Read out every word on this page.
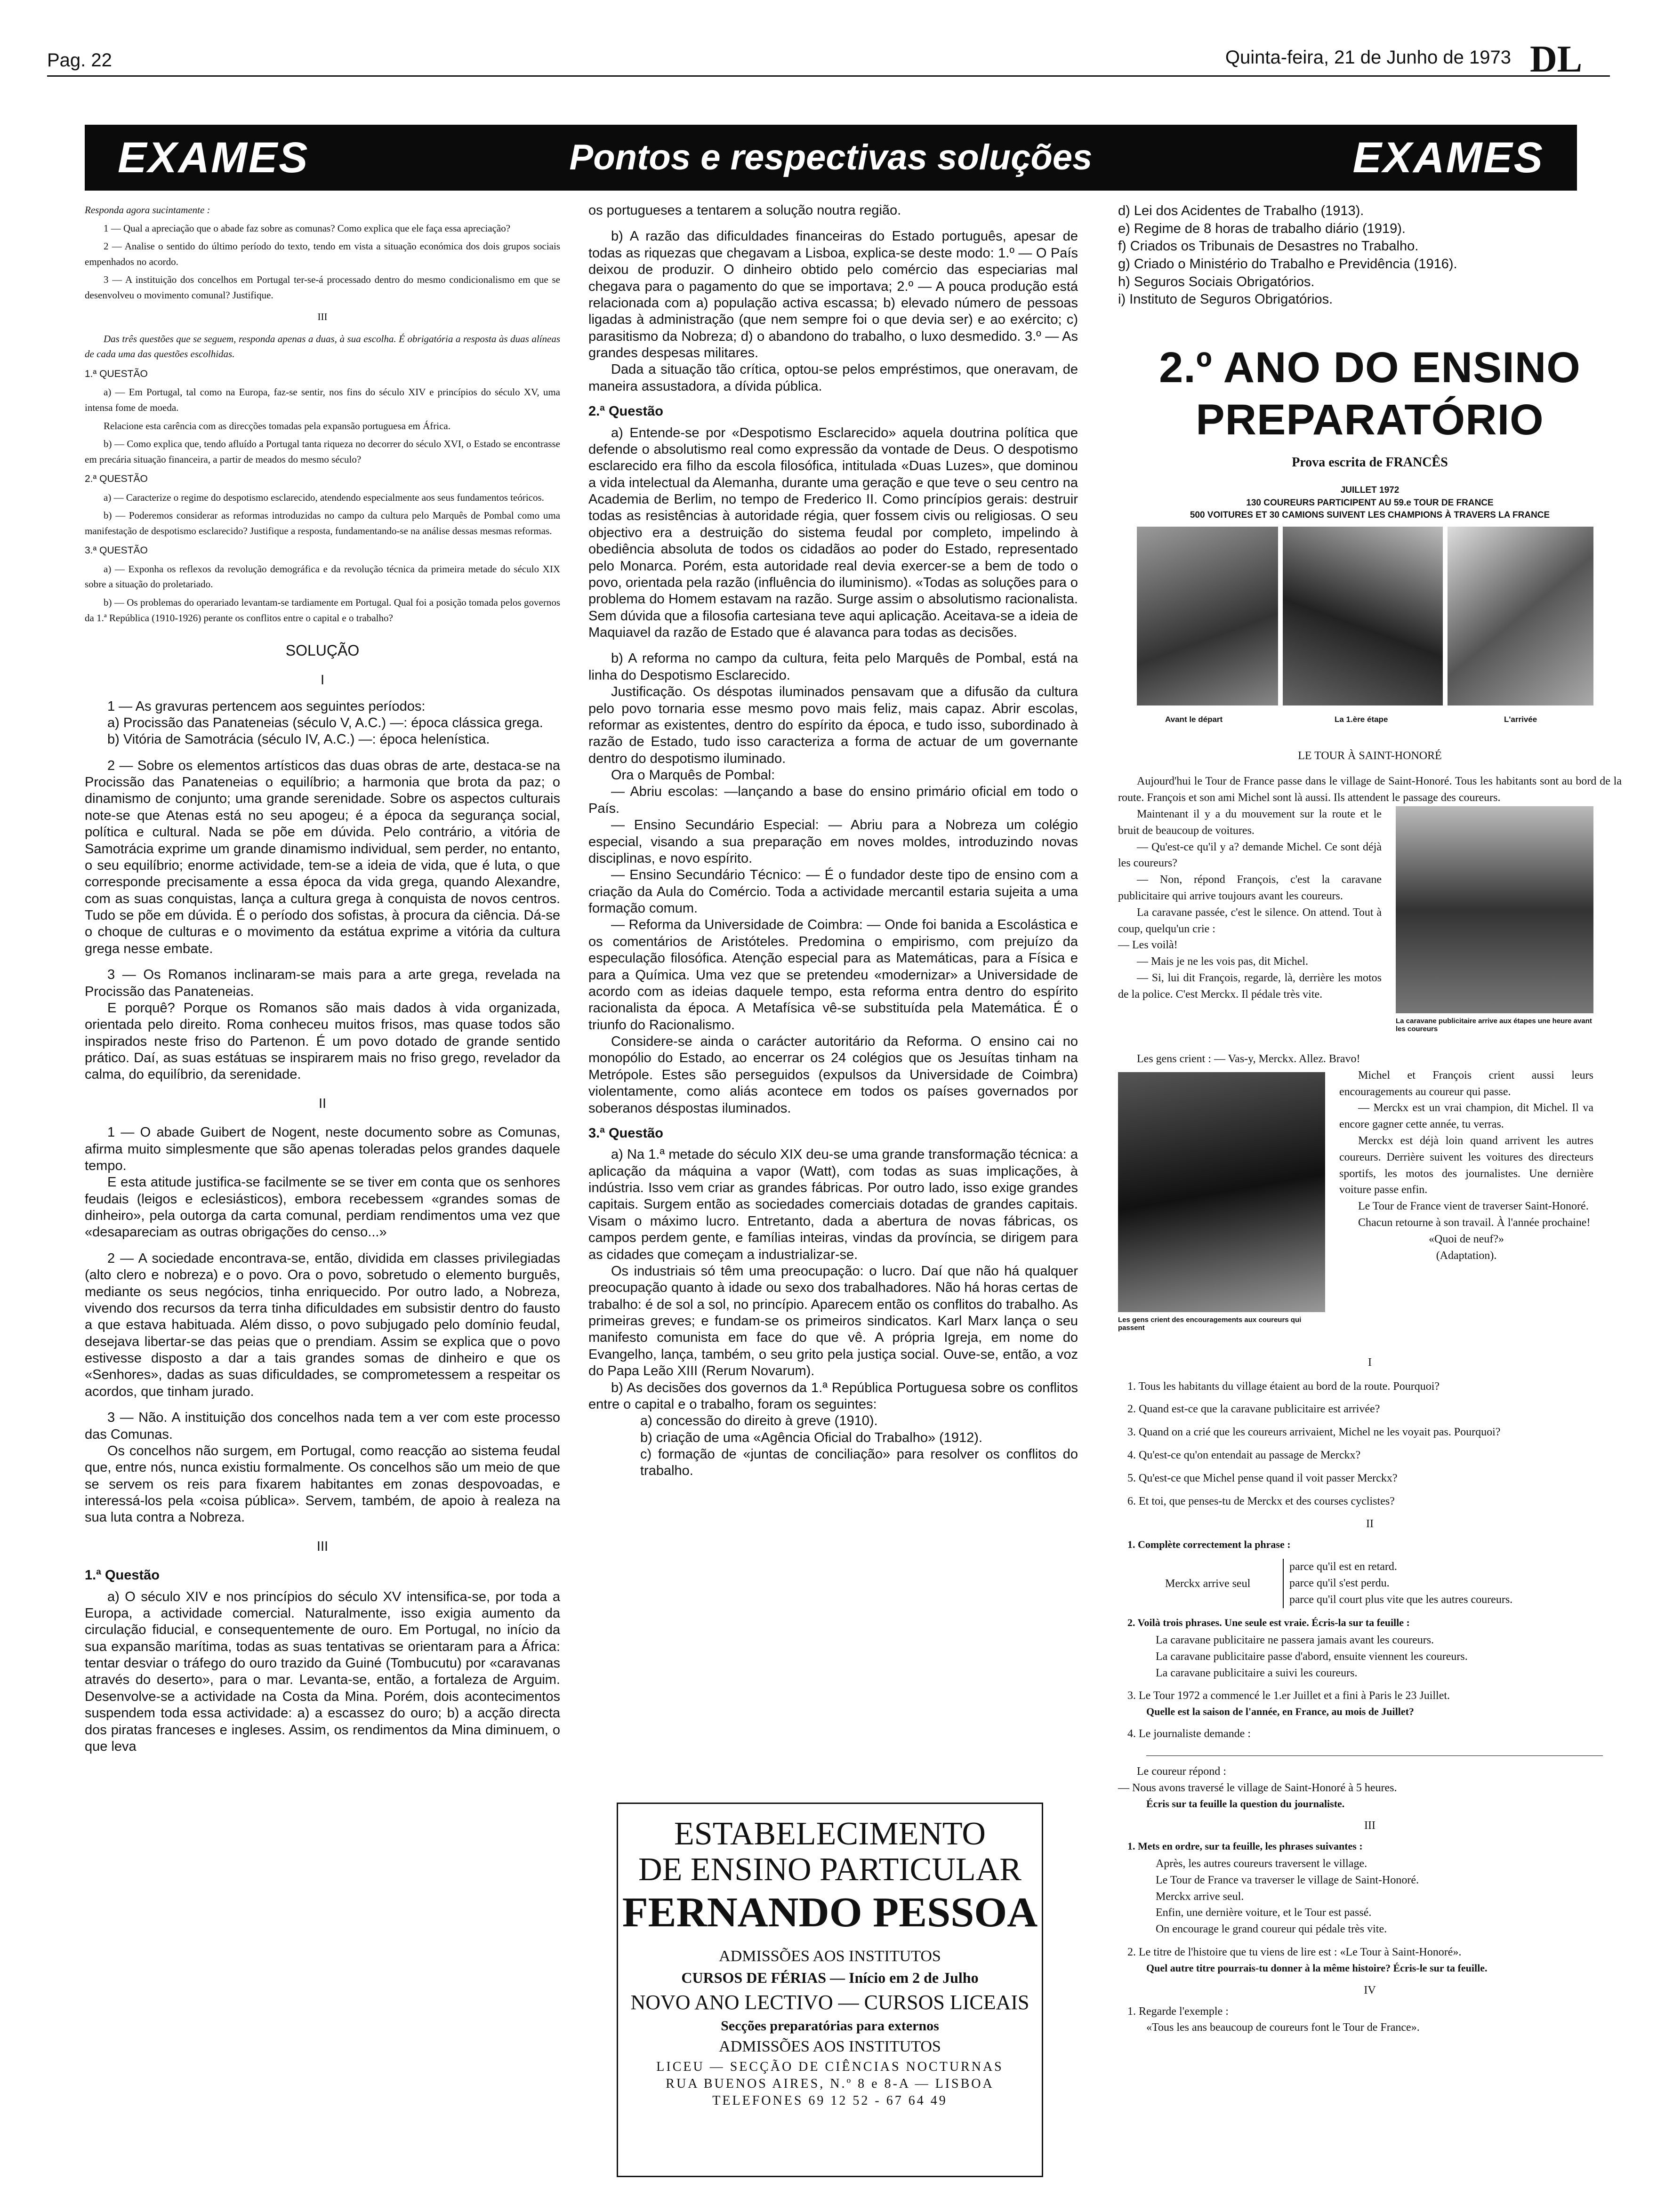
Pag. 22	Quinta-feira, 21 de Junho de 1973 DL
EXAMES	Pontos e respectivas soluções	EXAMES

Responda agora sucintamente :

1 — Qual a apreciação que o abade faz sobre as comunas? Como explica que ele faça essa apreciação?

2 — Analise o sentido do último período do texto, tendo em vista a situação económica dos dois grupos sociais empenhados no acordo.

3 — A instituição dos concelhos em Portugal ter-se-á processado dentro do mesmo condicionalismo em que se desenvolveu o movimento comunal? Justifique.

III

Das três questões que se seguem, responda apenas a duas, à sua escolha. É obrigatória a resposta às duas alíneas de cada uma das questões escolhidas.

1.ª QUESTÃO

a) — Em Portugal, tal como na Europa, faz-se sentir, nos fins do século XIV e princípios do século XV, uma intensa fome de moeda.

Relacione esta carência com as direcções tomadas pela expansão portuguesa em África.

b) — Como explica que, tendo afluído a Portugal tanta riqueza no decorrer do século XVI, o Estado se encontrasse em precária situação financeira, a partir de meados do mesmo século?

2.ª QUESTÃO

a) — Caracterize o regime do despotismo esclarecido, atendendo especialmente aos seus fundamentos teóricos.

b) — Poderemos considerar as reformas introduzidas no campo da cultura pelo Marquês de Pombal como uma manifestação de despotismo esclarecido? Justifique a resposta, fundamentando-se na análise dessas mesmas reformas.

3.ª QUESTÃO

a) — Exponha os reflexos da revolução demográfica e da revolução técnica da primeira metade do século XIX sobre a situação do proletariado.

b) — Os problemas do operariado levantam-se tardiamente em Portugal. Qual foi a posição tomada pelos governos da 1.ª República (1910-1926) perante os conflitos entre o capital e o trabalho?

SOLUÇÃO

I

1 — As gravuras pertencem aos seguintes períodos:

a) Procissão das Panateneias (século V, A.C.) —: época clássica grega.

b) Vitória de Samotrácia (século IV, A.C.) —: época helenística.

2 — Sobre os elementos artísticos das duas obras de arte, destaca-se na Procissão das Panateneias o equilíbrio; a harmonia que brota da paz; o dinamismo de conjunto; uma grande serenidade. Sobre os aspectos culturais note-se que Atenas está no seu apogeu; é a época da segurança social, política e cultural. Nada se põe em dúvida. Pelo contrário, a vitória de Samotrácia exprime um grande dinamismo individual, sem perder, no entanto, o seu equilíbrio; enorme actividade, tem-se a ideia de vida, que é luta, o que corresponde precisamente a essa época da vida grega, quando Alexandre, com as suas conquistas, lança a cultura grega à conquista de novos centros. Tudo se põe em dúvida. É o período dos sofistas, à procura da ciência. Dá-se o choque de culturas e o movimento da estátua exprime a vitória da cultura grega nesse embate.

3 — Os Romanos inclinaram-se mais para a arte grega, revelada na Procissão das Panateneias.

E porquê? Porque os Romanos são mais dados à vida organizada, orientada pelo direito. Roma conheceu muitos frisos, mas quase todos são inspirados neste friso do Partenon. É um povo dotado de grande sentido prático. Daí, as suas estátuas se inspirarem mais no friso grego, revelador da calma, do equilíbrio, da serenidade.

II

1 — O abade Guibert de Nogent, neste documento sobre as Comunas, afirma muito simplesmente que são apenas toleradas pelos grandes daquele tempo.

E esta atitude justifica-se facilmente se se tiver em conta que os senhores feudais (leigos e eclesiásticos), embora recebessem «grandes somas de dinheiro», pela outorga da carta comunal, perdiam rendimentos uma vez que «desapareciam as outras obrigações do censo...»

2 — A sociedade encontrava-se, então, dividida em classes privilegiadas (alto clero e nobreza) e o povo. Ora o povo, sobretudo o elemento burguês, mediante os seus negócios, tinha enriquecido. Por outro lado, a Nobreza, vivendo dos recursos da terra tinha dificuldades em subsistir dentro do fausto a que estava habituada. Além disso, o povo subjugado pelo domínio feudal, desejava libertar-se das peias que o prendiam. Assim se explica que o povo estivesse disposto a dar a tais grandes somas de dinheiro e que os «Senhores», dadas as suas dificuldades, se comprometessem a respeitar os acordos, que tinham jurado.

3 — Não. A instituição dos concelhos nada tem a ver com este processo das Comunas.

Os concelhos não surgem, em Portugal, como reacção ao sistema feudal que, entre nós, nunca existiu formalmente. Os concelhos são um meio de que se servem os reis para fixarem habitantes em zonas despovoadas, e interessá-los pela «coisa pública». Servem, também, de apoio à realeza na sua luta contra a Nobreza.

III

1.ª Questão

a) O século XIV e nos princípios do século XV intensifica-se, por toda a Europa, a actividade comercial. Naturalmente, isso exigia aumento da circulação fiducial, e consequentemente de ouro. Em Portugal, no início da sua expansão marítima, todas as suas tentativas se orientaram para a África: tentar desviar o tráfego do ouro trazido da Guiné (Tombucutu) por «caravanas através do deserto», para o mar. Levanta-se, então, a fortaleza de Arguim. Desenvolve-se a actividade na Costa da Mina. Porém, dois acontecimentos suspendem toda essa actividade: a) a escassez do ouro; b) a acção directa dos piratas franceses e ingleses. Assim, os rendimentos da Mina diminuem, o que leva

os portugueses a tentarem a solução noutra região.

b) A razão das dificuldades financeiras do Estado português, apesar de todas as riquezas que chegavam a Lisboa, explica-se deste modo: 1.º — O País deixou de produzir. O dinheiro obtido pelo comércio das especiarias mal chegava para o pagamento do que se importava; 2.º — A pouca produção está relacionada com a) população activa escassa; b) elevado número de pessoas ligadas à administração (que nem sempre foi o que devia ser) e ao exército; c) parasitismo da Nobreza; d) o abandono do trabalho, o luxo desmedido. 3.º — As grandes despesas militares.

Dada a situação tão crítica, optou-se pelos empréstimos, que oneravam, de maneira assustadora, a dívida pública.

2.ª Questão

a) Entende-se por «Despotismo Esclarecido» aquela doutrina política que defende o absolutismo real como expressão da vontade de Deus. O despotismo esclarecido era filho da escola filosófica, intitulada «Duas Luzes», que dominou a vida intelectual da Alemanha, durante uma geração e que teve o seu centro na Academia de Berlim, no tempo de Frederico II. Como princípios gerais: destruir todas as resistências à autoridade régia, quer fossem civis ou religiosas. O seu objectivo era a destruição do sistema feudal por completo, impelindo à obediência absoluta de todos os cidadãos ao poder do Estado, representado pelo Monarca. Porém, esta autoridade real devia exercer-se a bem de todo o povo, orientada pela razão (influência do iluminismo). «Todas as soluções para o problema do Homem estavam na razão. Surge assim o absolutismo racionalista. Sem dúvida que a filosofia cartesiana teve aqui aplicação. Aceitava-se a ideia de Maquiavel da razão de Estado que é alavanca para todas as decisões.

b) A reforma no campo da cultura, feita pelo Marquês de Pombal, está na linha do Despotismo Esclarecido.

Justificação. Os déspotas iluminados pensavam que a difusão da cultura pelo povo tornaria esse mesmo povo mais feliz, mais capaz. Abrir escolas, reformar as existentes, dentro do espírito da época, e tudo isso, subordinado à razão de Estado, tudo isso caracteriza a forma de actuar de um governante dentro do despotismo iluminado.

Ora o Marquês de Pombal:

— Abriu escolas: —lançando a base do ensino primário oficial em todo o País.

— Ensino Secundário Especial: — Abriu para a Nobreza um colégio especial, visando a sua preparação em noves moldes, introduzindo novas disciplinas, e novo espírito.

— Ensino Secundário Técnico: — É o fundador deste tipo de ensino com a criação da Aula do Comércio. Toda a actividade mercantil estaria sujeita a uma formação comum.

— Reforma da Universidade de Coimbra: — Onde foi banida a Escolástica e os comentários de Aristóteles. Predomina o empirismo, com prejuízo da especulação filosófica. Atenção especial para as Matemáticas, para a Física e para a Química. Uma vez que se pretendeu «modernizar» a Universidade de acordo com as ideias daquele tempo, esta reforma entra dentro do espírito racionalista da época. A Metafísica vê-se substituída pela Matemática. É o triunfo do Racionalismo.

Considere-se ainda o carácter autoritário da Reforma. O ensino cai no monopólio do Estado, ao encerrar os 24 colégios que os Jesuítas tinham na Metrópole. Estes são perseguidos (expulsos da Universidade de Coimbra) violentamente, como aliás acontece em todos os países governados por soberanos déspostas iluminados.

3.ª Questão

a) Na 1.ª metade do século XIX deu-se uma grande transformação técnica: a aplicação da máquina a vapor (Watt), com todas as suas implicações, à indústria. Isso vem criar as grandes fábricas. Por outro lado, isso exige grandes capitais. Surgem então as sociedades comerciais dotadas de grandes capitais. Visam o máximo lucro. Entretanto, dada a abertura de novas fábricas, os campos perdem gente, e famílias inteiras, vindas da província, se dirigem para as cidades que começam a industrializar-se.

Os industriais só têm uma preocupação: o lucro. Daí que não há qualquer preocupação quanto à idade ou sexo dos trabalhadores. Não há horas certas de trabalho: é de sol a sol, no princípio. Aparecem então os conflitos do trabalho. As primeiras greves; e fundam-se os primeiros sindicatos. Karl Marx lança o seu manifesto comunista em face do que vê. A própria Igreja, em nome do Evangelho, lança, também, o seu grito pela justiça social. Ouve-se, então, a voz do Papa Leão XIII (Rerum Novarum).

b) As decisões dos governos da 1.ª República Portuguesa sobre os conflitos entre o capital e o trabalho, foram os seguintes:

a) concessão do direito à greve (1910).

b) criação de uma «Agência Oficial do Trabalho» (1912).

c) formação de «juntas de conciliação» para resolver os conflitos do trabalho.

ESTABELECIMENTO
DE ENSINO PARTICULAR
FERNANDO PESSOA
ADMISSÕES AOS INSTITUTOS
CURSOS DE FÉRIAS — Início em 2 de Julho
NOVO ANO LECTIVO — CURSOS LICEAIS
Secções preparatórias para externos
ADMISSÕES AOS INSTITUTOS
LICEU — SECÇÃO DE CIÊNCIAS NOCTURNAS
RUA BUENOS AIRES, N.º 8 e 8-A — LISBOA
TELEFONES 69 12 52 - 67 64 49

d) Lei dos Acidentes de Trabalho (1913).

e) Regime de 8 horas de trabalho diário (1919).

f) Criados os Tribunais de Desastres no Trabalho.

g) Criado o Ministério do Trabalho e Previdência (1916).

h) Seguros Sociais Obrigatórios.

i) Instituto de Seguros Obrigatórios.

2.º ANO DO ENSINO
PREPARATÓRIO
Prova escrita de FRANCÊS
JUILLET 1972
130 COUREURS PARTICIPENT AU 59.e TOUR DE FRANCE
500 VOITURES ET 30 CAMIONS SUIVENT LES CHAMPIONS À TRAVERS LA FRANCE
Avant le départ	La 1.ère étape	L'arrivée

LE TOUR À SAINT-HONORÉ

Aujourd'hui le Tour de France passe dans le village de Saint-Honoré. Tous les habitants sont au bord de la route. François et son ami Michel sont là aussi. Ils attendent le passage des coureurs.

Maintenant il y a du mouvement sur la route et le bruit de beaucoup de voitures.

— Qu'est-ce qu'il y a? demande Michel. Ce sont déjà les coureurs?

— Non, répond François, c'est la caravane publicitaire qui arrive toujours avant les coureurs.

La caravane passée, c'est le silence. On attend. Tout à coup, quelqu'un crie :

— Les voilà!

— Mais je ne les vois pas, dit Michel.

— Si, lui dit François, regarde, là, derrière les motos de la police. C'est Merckx. Il pédale très vite.

La caravane publicitaire arrive aux étapes une heure avant les coureurs

Les gens crient : — Vas-y, Merckx. Allez. Bravo!

Les gens crient des encouragements aux coureurs qui passent

Michel et François crient aussi leurs encouragements au coureur qui passe.

— Merckx est un vrai champion, dit Michel. Il va encore gagner cette année, tu verras.

Merckx est déjà loin quand arrivent les autres coureurs. Derrière suivent les voitures des directeurs sportifs, les motos des journalistes. Une dernière voiture passe enfin.

Le Tour de France vient de traverser Saint-Honoré.

Chacun retourne à son travail. À l'année prochaine!

«Quoi de neuf?»

(Adaptation).

I

1. Tous les habitants du village étaient au bord de la route. Pourquoi?

2. Quand est-ce que la caravane publicitaire est arrivée?

3. Quand on a crié que les coureurs arrivaient, Michel ne les voyait pas. Pourquoi?

4. Qu'est-ce qu'on entendait au passage de Merckx?

5. Qu'est-ce que Michel pense quand il voit passer Merckx?

6. Et toi, que penses-tu de Merckx et des courses cyclistes?

II

1. Complète correctement la phrase :

Merckx arrive seul
parce qu'il est en retard.
parce qu'il s'est perdu.
parce qu'il court plus vite que les autres coureurs.

2. Voilà trois phrases. Une seule est vraie. Écris-la sur ta feuille :

La caravane publicitaire ne passera jamais avant les coureurs.
La caravane publicitaire passe d'abord, ensuite viennent les coureurs.
La caravane publicitaire a suivi les coureurs.

3. Le Tour 1972 a commencé le 1.er Juillet et a fini à Paris le 23 Juillet.

Quelle est la saison de l'année, en France, au mois de Juillet?

4. Le journaliste demande :

Le coureur répond :

— Nous avons traversé le village de Saint-Honoré à 5 heures.

Écris sur ta feuille la question du journaliste.

III

1. Mets en ordre, sur ta feuille, les phrases suivantes :

Après, les autres coureurs traversent le village.
Le Tour de France va traverser le village de Saint-Honoré.
Merckx arrive seul.
Enfin, une dernière voiture, et le Tour est passé.
On encourage le grand coureur qui pédale très vite.

2. Le titre de l'histoire que tu viens de lire est : «Le Tour à Saint-Honoré».

Quel autre titre pourrais-tu donner à la même histoire? Écris-le sur ta feuille.

IV

1. Regarde l'exemple :

«Tous les ans beaucoup de coureurs font le Tour de France».
